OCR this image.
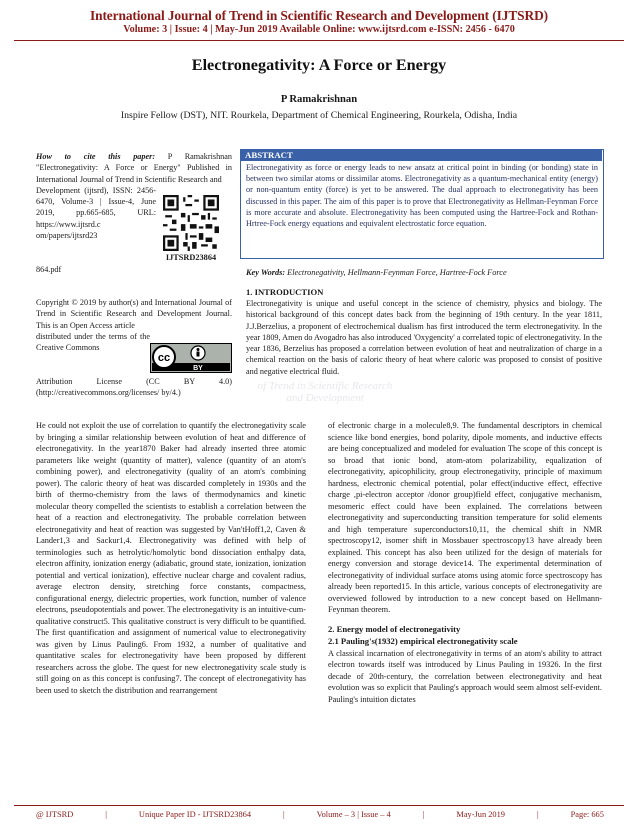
International Journal of Trend in Scientific Research and Development (IJTSRD)
Volume: 3 | Issue: 4 | May-Jun 2019 Available Online: www.ijtsrd.com e-ISSN: 2456 - 6470
Electronegativity: A Force or Energy
P Ramakrishnan
Inspire Fellow (DST), NIT. Rourkela, Department of Chemical Engineering, Rourkela, Odisha, India
of Trend in Scientific Research and Development
How to cite this paper: P Ramakrishnan "Electronegativity: A Force or Energy" Published in International Journal of Trend in Scientific Research and
Development (ijtsrd), ISSN: 2456-6470, Volume-3 | Issue-4, June 2019, pp.665-685, URL: https://www.ijtsrd.c om/papers/ijtsrd23
IJTSRD23864
864.pdf
Copyright © 2019 by author(s) and International Journal of Trend in Scientific Research and Development Journal. This is an Open Access article
distributed under the terms of the Creative Commons
cc
BY
Attribution License (CC BY 4.0) (http://creativecommons.org/licenses/ by/4.)
ABSTRACT
Electronegativity as force or energy leads to new ansatz at critical point in binding (or bonding) state in between two similar atoms or dissimilar atoms. Electronegativity as a quantum-mechanical entity (energy) or non-quantum entity (force) is yet to be answered. The dual approach to electronegativity has been discussed in this paper. The aim of this paper is to prove that Electronegativity as Hellman-Feynman Force is more accurate and absolute. Electronegativity has been computed using the Hartree-Fock and Rothan-Hrtree-Fock energy equations and equivalent electrostatic force equation.
Key Words: Electronegativity, Hellmann-Feynman Force, Hartree-Fock Force
1. INTRODUCTION
Electronegativity is unique and useful concept in the science of chemistry, physics and biology. The historical background of this concept dates back from the beginning of 19th century. In the year 1811, J.J.Berzelius, a proponent of electrochemical dualism has first introduced the term electronegativity. In the year 1809, Amen do Avogadro has also introduced 'Oxygencity' a correlated topic of electronegativity. In the year 1836, Berzelius has proposed a correlation between evolution of heat and neutralization of charge in a chemical reaction on the basis of caloric theory of heat where caloric was proposed to consist of positive and negative electrical fluid.
He could not exploit the use of correlation to quantify the electronegativity scale by bringing a similar relationship between evolution of heat and difference of electronegativity. In the year1870 Baker had already inserted three atomic parameters like weight (quantity of matter), valence (quantity of an atom's combining power), and electronegativity (quality of an atom's combining power). The caloric theory of heat was discarded completely in 1930s and the birth of thermo-chemistry from the laws of thermodynamics and kinetic molecular theory compelled the scientists to establish a correlation between the heat of a reaction and electronegativity. The probable correlation between electronegativity and heat of reaction was suggested by Van'tHoff1,2, Caven & Lander1,3 and Sackur1,4. Electronegativity was defined with help of terminologies such as hetrolytic/homolytic bond dissociation enthalpy data, electron affinity, ionization energy (adiabatic, ground state, ionization, ionization potential and vertical ionization), effective nuclear charge and covalent radius, average electron density, stretching force constants, compactness, configurational energy, dielectric properties, work function, number of valence electrons, pseudopotentials and power. The electronegativity is an intuitive-cum-qualitative construct5. This qualitative construct is very difficult to be quantified. The first quantification and assignment of numerical value to electronegativity was given by Linus Pauling6. From 1932, a number of qualitative and quantitative scales for electronegativity have been proposed by different researchers across the globe. The quest for new electronegativity scale study is still going on as this concept is confusing7. The concept of electronegativity has been used to sketch the distribution and rearrangement
of electronic charge in a molecule8,9. The fundamental descriptors in chemical science like bond energies, bond polarity, dipole moments, and inductive effects are being conceptualized and modeled for evaluation The scope of this concept is so broad that ionic bond, atom-atom polarizability, equalization of electronegativity, apicophilicity, group electronegativity, principle of maximum hardness, electronic chemical potential, polar effect(inductive effect, effective charge ,pi-electron acceptor /donor group)field effect, conjugative mechanism, mesomeric effect could have been explained. The correlations between electronegativity and superconducting transition temperature for solid elements and high temperature superconductors10,11, the chemical shift in NMR spectroscopy12, isomer shift in Mossbauer spectroscopy13 have already been explained. This concept has also been utilized for the design of materials for energy conversion and storage device14. The experimental determination of electronegativity of individual surface atoms using atomic force spectroscopy has already been reported15. In this article, various concepts of electronegativity are overviewed followed by introduction to a new concept based on Hellmann-Feynman theorem.
2. Energy model of electronegativity
2.1 Pauling's(1932) empirical electronegativity scale
A classical incarnation of electronegativity in terms of an atom's ability to attract electron towards itself was introduced by Linus Pauling in 19326. In the first decade of 20th-century, the correlation between electronegativity and heat evolution was so explicit that Pauling's approach would seem almost self-evident. Pauling's intuition dictates
@ IJTSRD	|	Unique Paper ID - IJTSRD23864	|	Volume – 3 | Issue – 4	|	May-Jun 2019	|	Page: 665
